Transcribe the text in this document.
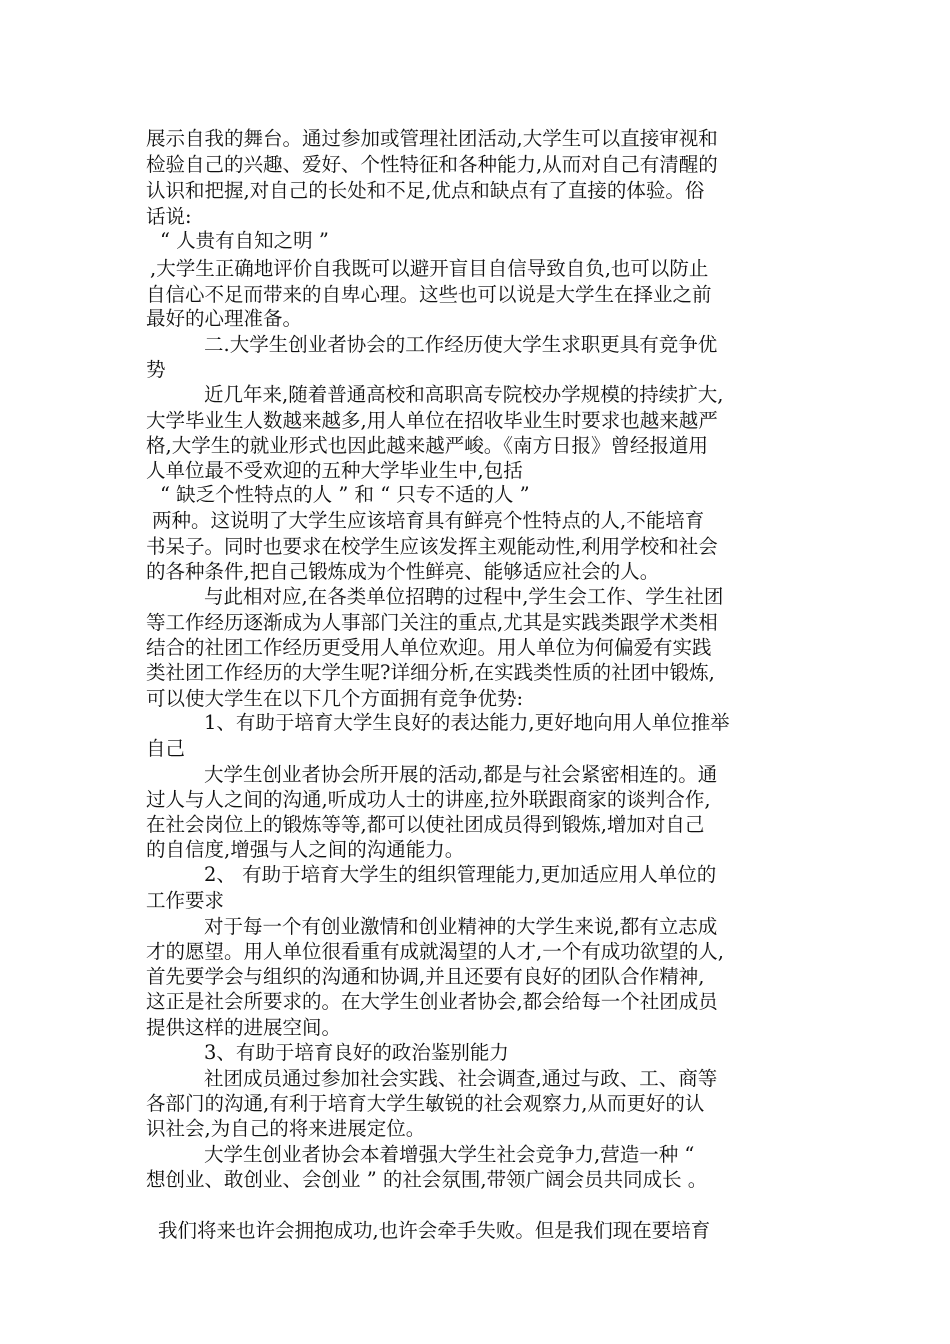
展示自我的舞台。通过参加或管理社团活动,大学生可以直接审视和
检验自己的兴趣、爱好、个性特征和各种能力,从而对自己有清醒的
认识和把握,对自己的长处和不足,优点和缺点有了直接的体验。俗
话说:
“ 人贵有自知之明 ”
,大学生正确地评价自我既可以避开盲目自信导致自负,也可以防止
自信心不足而带来的自卑心理。这些也可以说是大学生在择业之前
最好的心理准备。
二.大学生创业者协会的工作经历使大学生求职更具有竞争优
势
近几年来,随着普通高校和高职高专院校办学规模的持续扩大,
大学毕业生人数越来越多,用人单位在招收毕业生时要求也越来越严
格,大学生的就业形式也因此越来越严峻。《南方日报》曾经报道用
人单位最不受欢迎的五种大学毕业生中,包括
“ 缺乏个性特点的人 ” 和 “ 只专不适的人 ”
两种。这说明了大学生应该培育具有鲜亮个性特点的人,不能培育
书呆子。同时也要求在校学生应该发挥主观能动性,利用学校和社会
的各种条件,把自己锻炼成为个性鲜亮、能够适应社会的人。
与此相对应,在各类单位招聘的过程中,学生会工作、学生社团
等工作经历逐渐成为人事部门关注的重点,尤其是实践类跟学术类相
结合的社团工作经历更受用人单位欢迎。用人单位为何偏爱有实践
类社团工作经历的大学生呢?详细分析,在实践类性质的社团中锻炼,
可以使大学生在以下几个方面拥有竞争优势:
1、有助于培育大学生良好的表达能力,更好地向用人单位推举
自己
大学生创业者协会所开展的活动,都是与社会紧密相连的。通
过人与人之间的沟通,听成功人士的讲座,拉外联跟商家的谈判合作,
在社会岗位上的锻炼等等,都可以使社团成员得到锻炼,增加对自己
的自信度,增强与人之间的沟通能力。
2、 有助于培育大学生的组织管理能力,更加适应用人单位的
工作要求
对于每一个有创业激情和创业精神的大学生来说,都有立志成
才的愿望。用人单位很看重有成就渴望的人才,一个有成功欲望的人,
首先要学会与组织的沟通和协调,并且还要有良好的团队合作精神,
这正是社会所要求的。在大学生创业者协会,都会给每一个社团成员
提供这样的进展空间。
3、有助于培育良好的政治鉴别能力
社团成员通过参加社会实践、社会调查,通过与政、工、商等
各部门的沟通,有利于培育大学生敏锐的社会观察力,从而更好的认
识社会,为自己的将来进展定位。
大学生创业者协会本着增强大学生社会竞争力,营造一种 “
想创业、敢创业、会创业 ” 的社会氛围,带领广阔会员共同成长 。
我们将来也许会拥抱成功,也许会牵手失败。但是我们现在要培育
